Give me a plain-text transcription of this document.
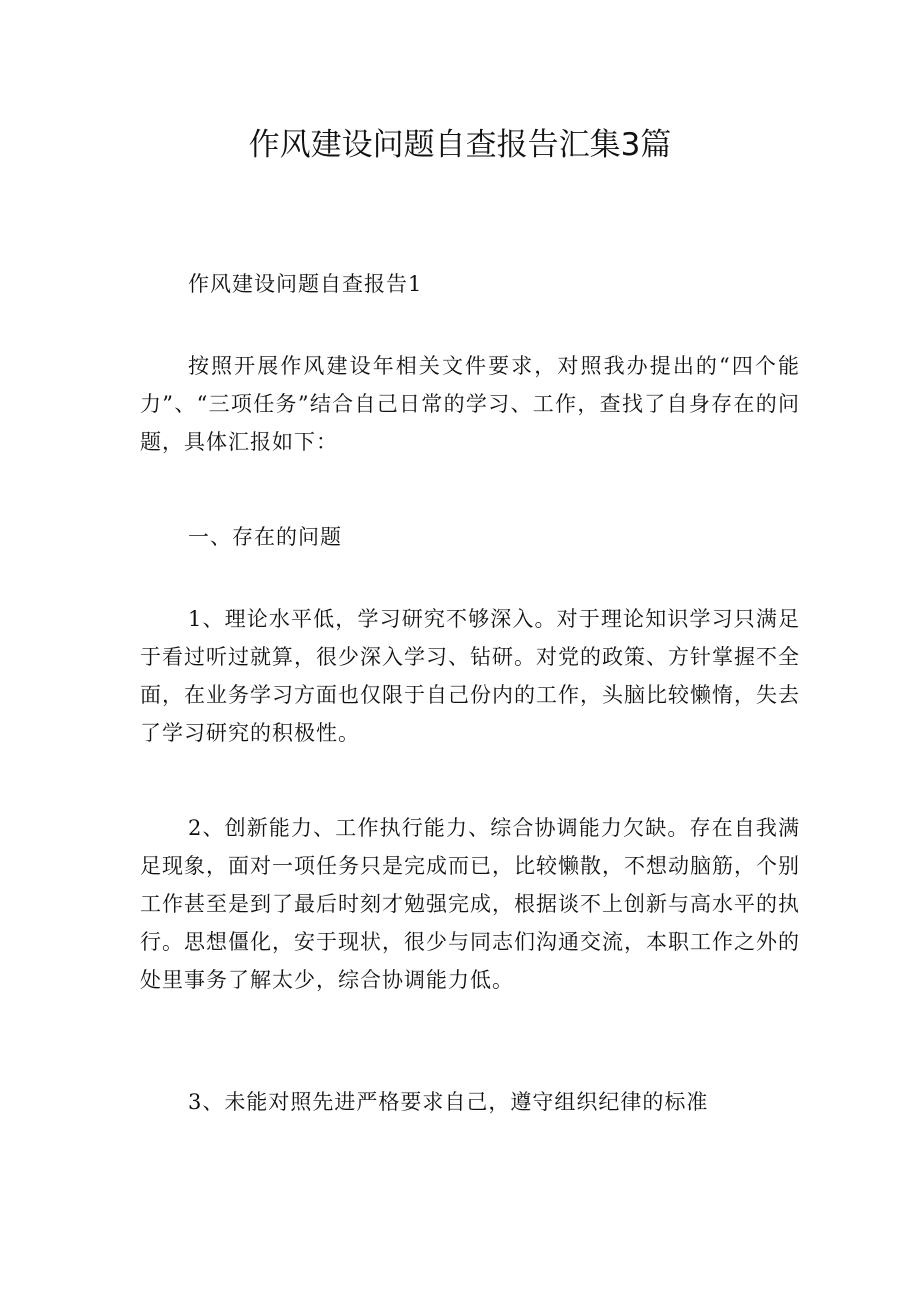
作风建设问题自查报告汇集3篇

作风建设问题自查报告1

按照开展作风建设年相关文件要求，对照我办提出的“四个能力”、“三项任务”结合自己日常的学习、工作，查找了自身存在的问题，具体汇报如下：

一、存在的问题

1、理论水平低，学习研究不够深入。对于理论知识学习只满足于看过听过就算，很少深入学习、钻研。对党的政策、方针掌握不全面，在业务学习方面也仅限于自己份内的工作，头脑比较懒惰，失去了学习研究的积极性。

2、创新能力、工作执行能力、综合协调能力欠缺。存在自我满足现象，面对一项任务只是完成而已，比较懒散，不想动脑筋，个别工作甚至是到了最后时刻才勉强完成，根据谈不上创新与高水平的执行。思想僵化，安于现状，很少与同志们沟通交流，本职工作之外的处里事务了解太少，综合协调能力低。

3、未能对照先进严格要求自己，遵守组织纪律的标准
